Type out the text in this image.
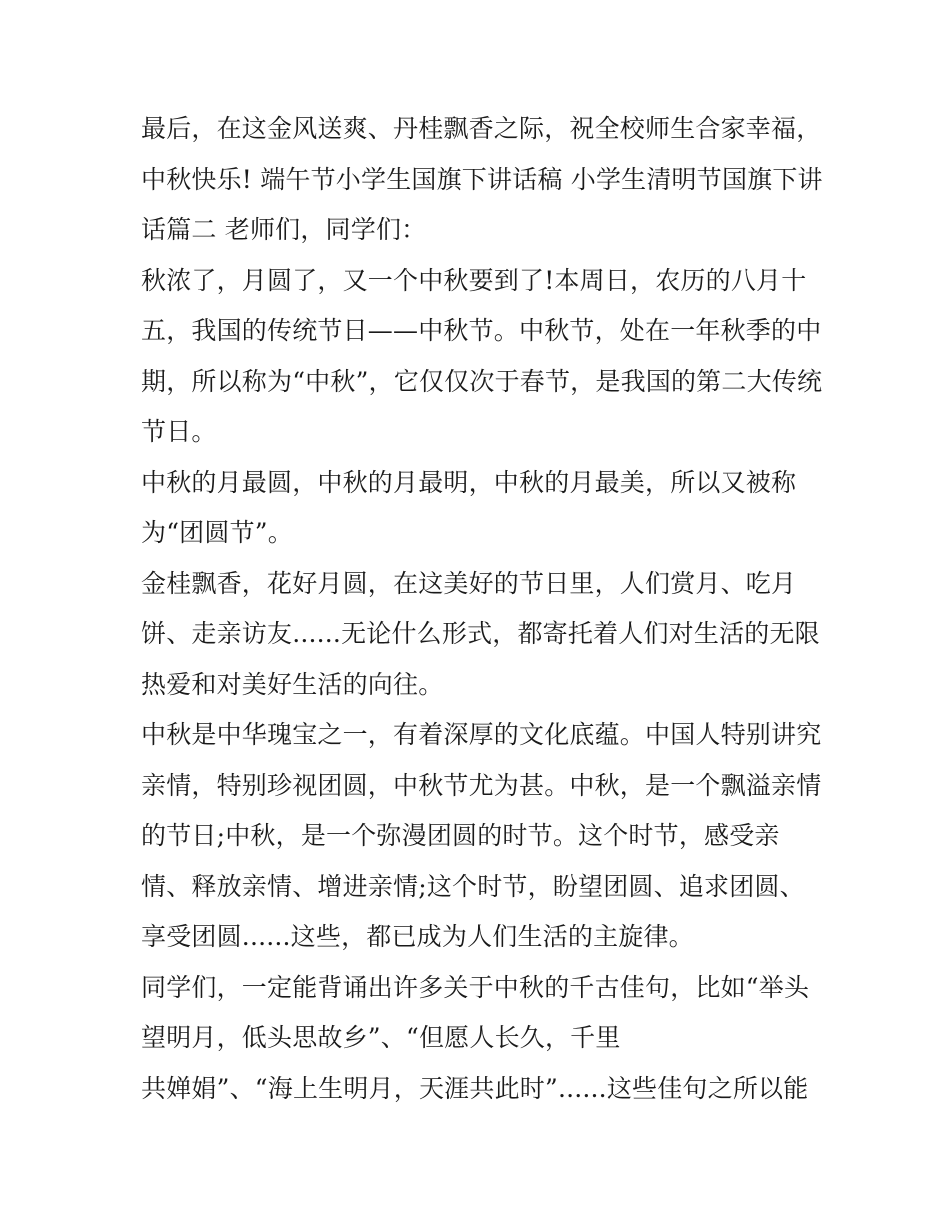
最后，在这金风送爽、丹桂飘香之际，祝全校师生合家幸福，
中秋快乐! 端午节小学生国旗下讲话稿 小学生清明节国旗下讲
话篇二 老师们，同学们：
秋浓了，月圆了，又一个中秋要到了!本周日，农历的八月十
五，我国的传统节日——中秋节。中秋节，处在一年秋季的中
期，所以称为“中秋”，它仅仅次于春节，是我国的第二大传统
节日。
中秋的月最圆，中秋的月最明，中秋的月最美，所以又被称
为“团圆节”。
金桂飘香，花好月圆，在这美好的节日里，人们赏月、吃月
饼、走亲访友......无论什么形式，都寄托着人们对生活的无限
热爱和对美好生活的向往。
中秋是中华瑰宝之一，有着深厚的文化底蕴。中国人特别讲究
亲情，特别珍视团圆，中秋节尤为甚。中秋，是一个飘溢亲情
的节日;中秋，是一个弥漫团圆的时节。这个时节，感受亲
情、释放亲情、增进亲情;这个时节，盼望团圆、追求团圆、
享受团圆......这些，都已成为人们生活的主旋律。
同学们，一定能背诵出许多关于中秋的千古佳句，比如“举头
望明月，低头思故乡”、“但愿人长久，千里
共婵娟”、“海上生明月，天涯共此时”......这些佳句之所以能
